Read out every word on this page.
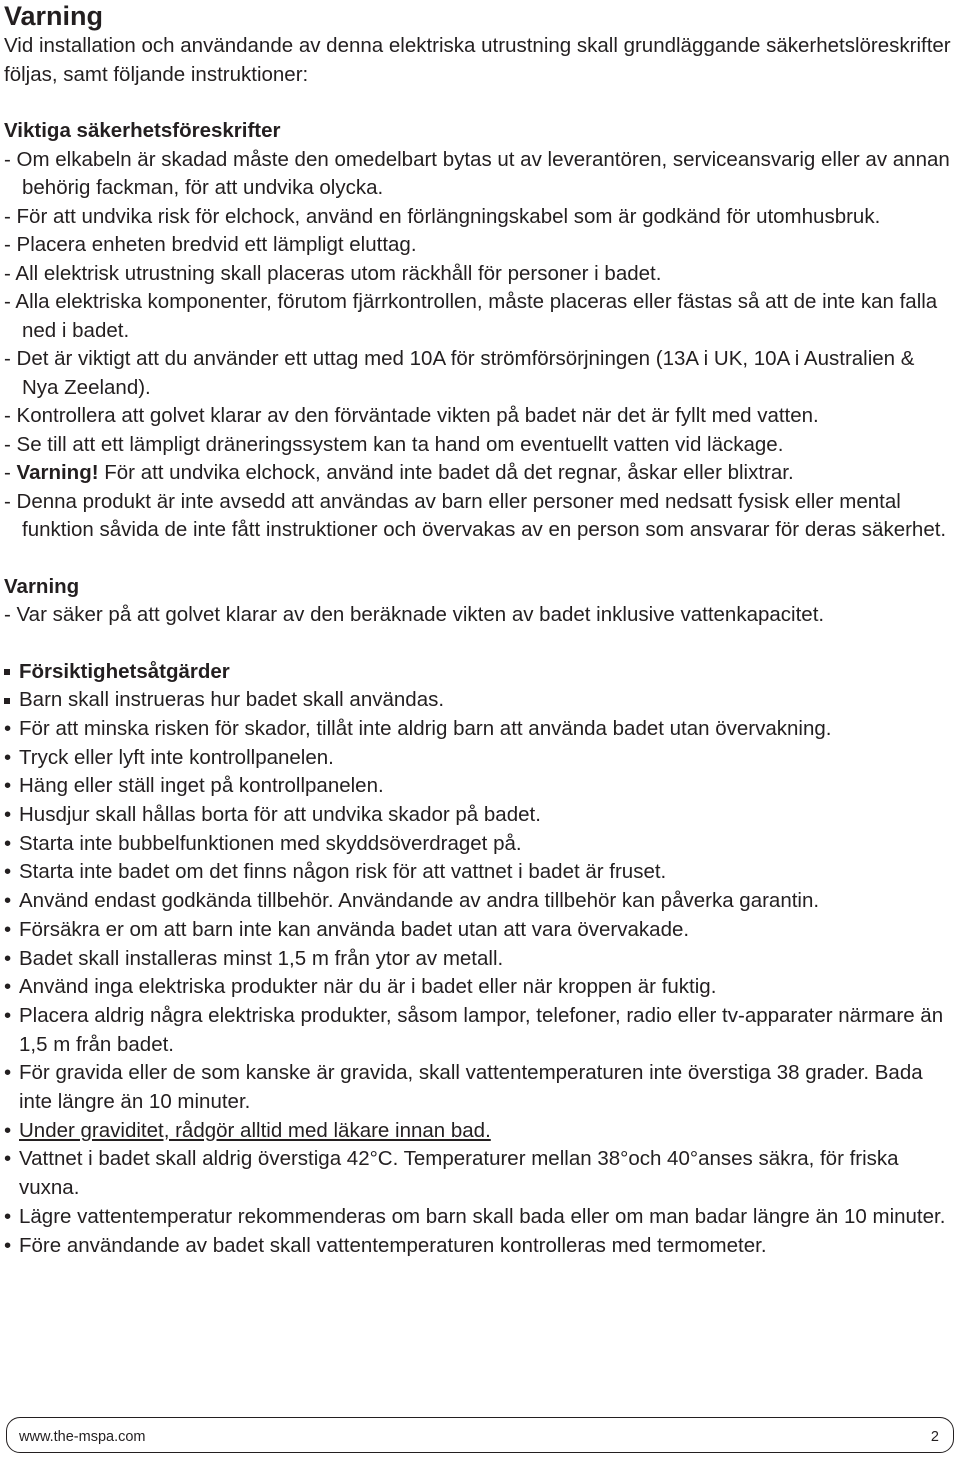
Varning

Vid installation och användande av denna elektriska utrustning skall grundläggande säkerhetslöreskrifter följas, samt följande instruktioner:

Viktiga säkerhetsföreskrifter

- Om elkabeln är skadad måste den omedelbart bytas ut av leverantören, serviceansvarig eller av annan behörig fackman, för att undvika olycka.
- För att undvika risk för elchock, använd en förlängningskabel som är godkänd för utomhusbruk.
- Placera enheten bredvid ett lämpligt eluttag.
- All elektrisk utrustning skall placeras utom räckhåll för personer i badet.
- Alla elektriska komponenter, förutom fjärrkontrollen, måste placeras eller fästas så att de inte kan falla ned i badet.
- Det är viktigt att du använder ett uttag med 10A för strömförsörjningen (13A i UK, 10A i Australien & Nya Zeeland).
- Kontrollera att golvet klarar av den förväntade vikten på badet när det är fyllt med vatten.
- Se till att ett lämpligt dräneringssystem kan ta hand om eventuellt vatten vid läckage.
- Varning! För att undvika elchock, använd inte badet då det regnar, åskar eller blixtrar.
- Denna produkt är inte avsedd att användas av barn eller personer med nedsatt fysisk eller mental funktion såvida de inte fått instruktioner och övervakas av en person som ansvarar för deras säkerhet.

Varning

- Var säker på att golvet klarar av den beräknade vikten av badet inklusive vattenkapacitet.
Försiktighetsåtgärder
Barn skall instrueras hur badet skall användas.
• För att minska risken för skador, tillåt inte aldrig barn att använda badet utan övervakning.
• Tryck eller lyft inte kontrollpanelen.
• Häng eller ställ inget på kontrollpanelen.
• Husdjur skall hållas borta för att undvika skador på badet.
• Starta inte bubbelfunktionen med skyddsöverdraget på.
• Starta inte badet om det finns någon risk för att vattnet i badet är fruset.
• Använd endast godkända tillbehör. Användande av andra tillbehör kan påverka garantin.
• Försäkra er om att barn inte kan använda badet utan att vara övervakade.
• Badet skall installeras minst 1,5 m från ytor av metall.
• Använd inga elektriska produkter när du är i badet eller när kroppen är fuktig.
• Placera aldrig några elektriska produkter, såsom lampor, telefoner, radio eller tv-apparater närmare än 1,5 m från badet.
• För gravida eller de som kanske är gravida, skall vattentemperaturen inte överstiga 38 grader. Bada inte längre än 10 minuter.
• Under graviditet, rådgör alltid med läkare innan bad.
• Vattnet i badet skall aldrig överstiga 42°C. Temperaturer mellan 38°och 40°anses säkra, för friska vuxna.
• Lägre vattentemperatur rekommenderas om barn skall bada eller om man badar längre än 10 minuter.
• Före användande av badet skall vattentemperaturen kontrolleras med termometer.
www.the-mspa.com	2
